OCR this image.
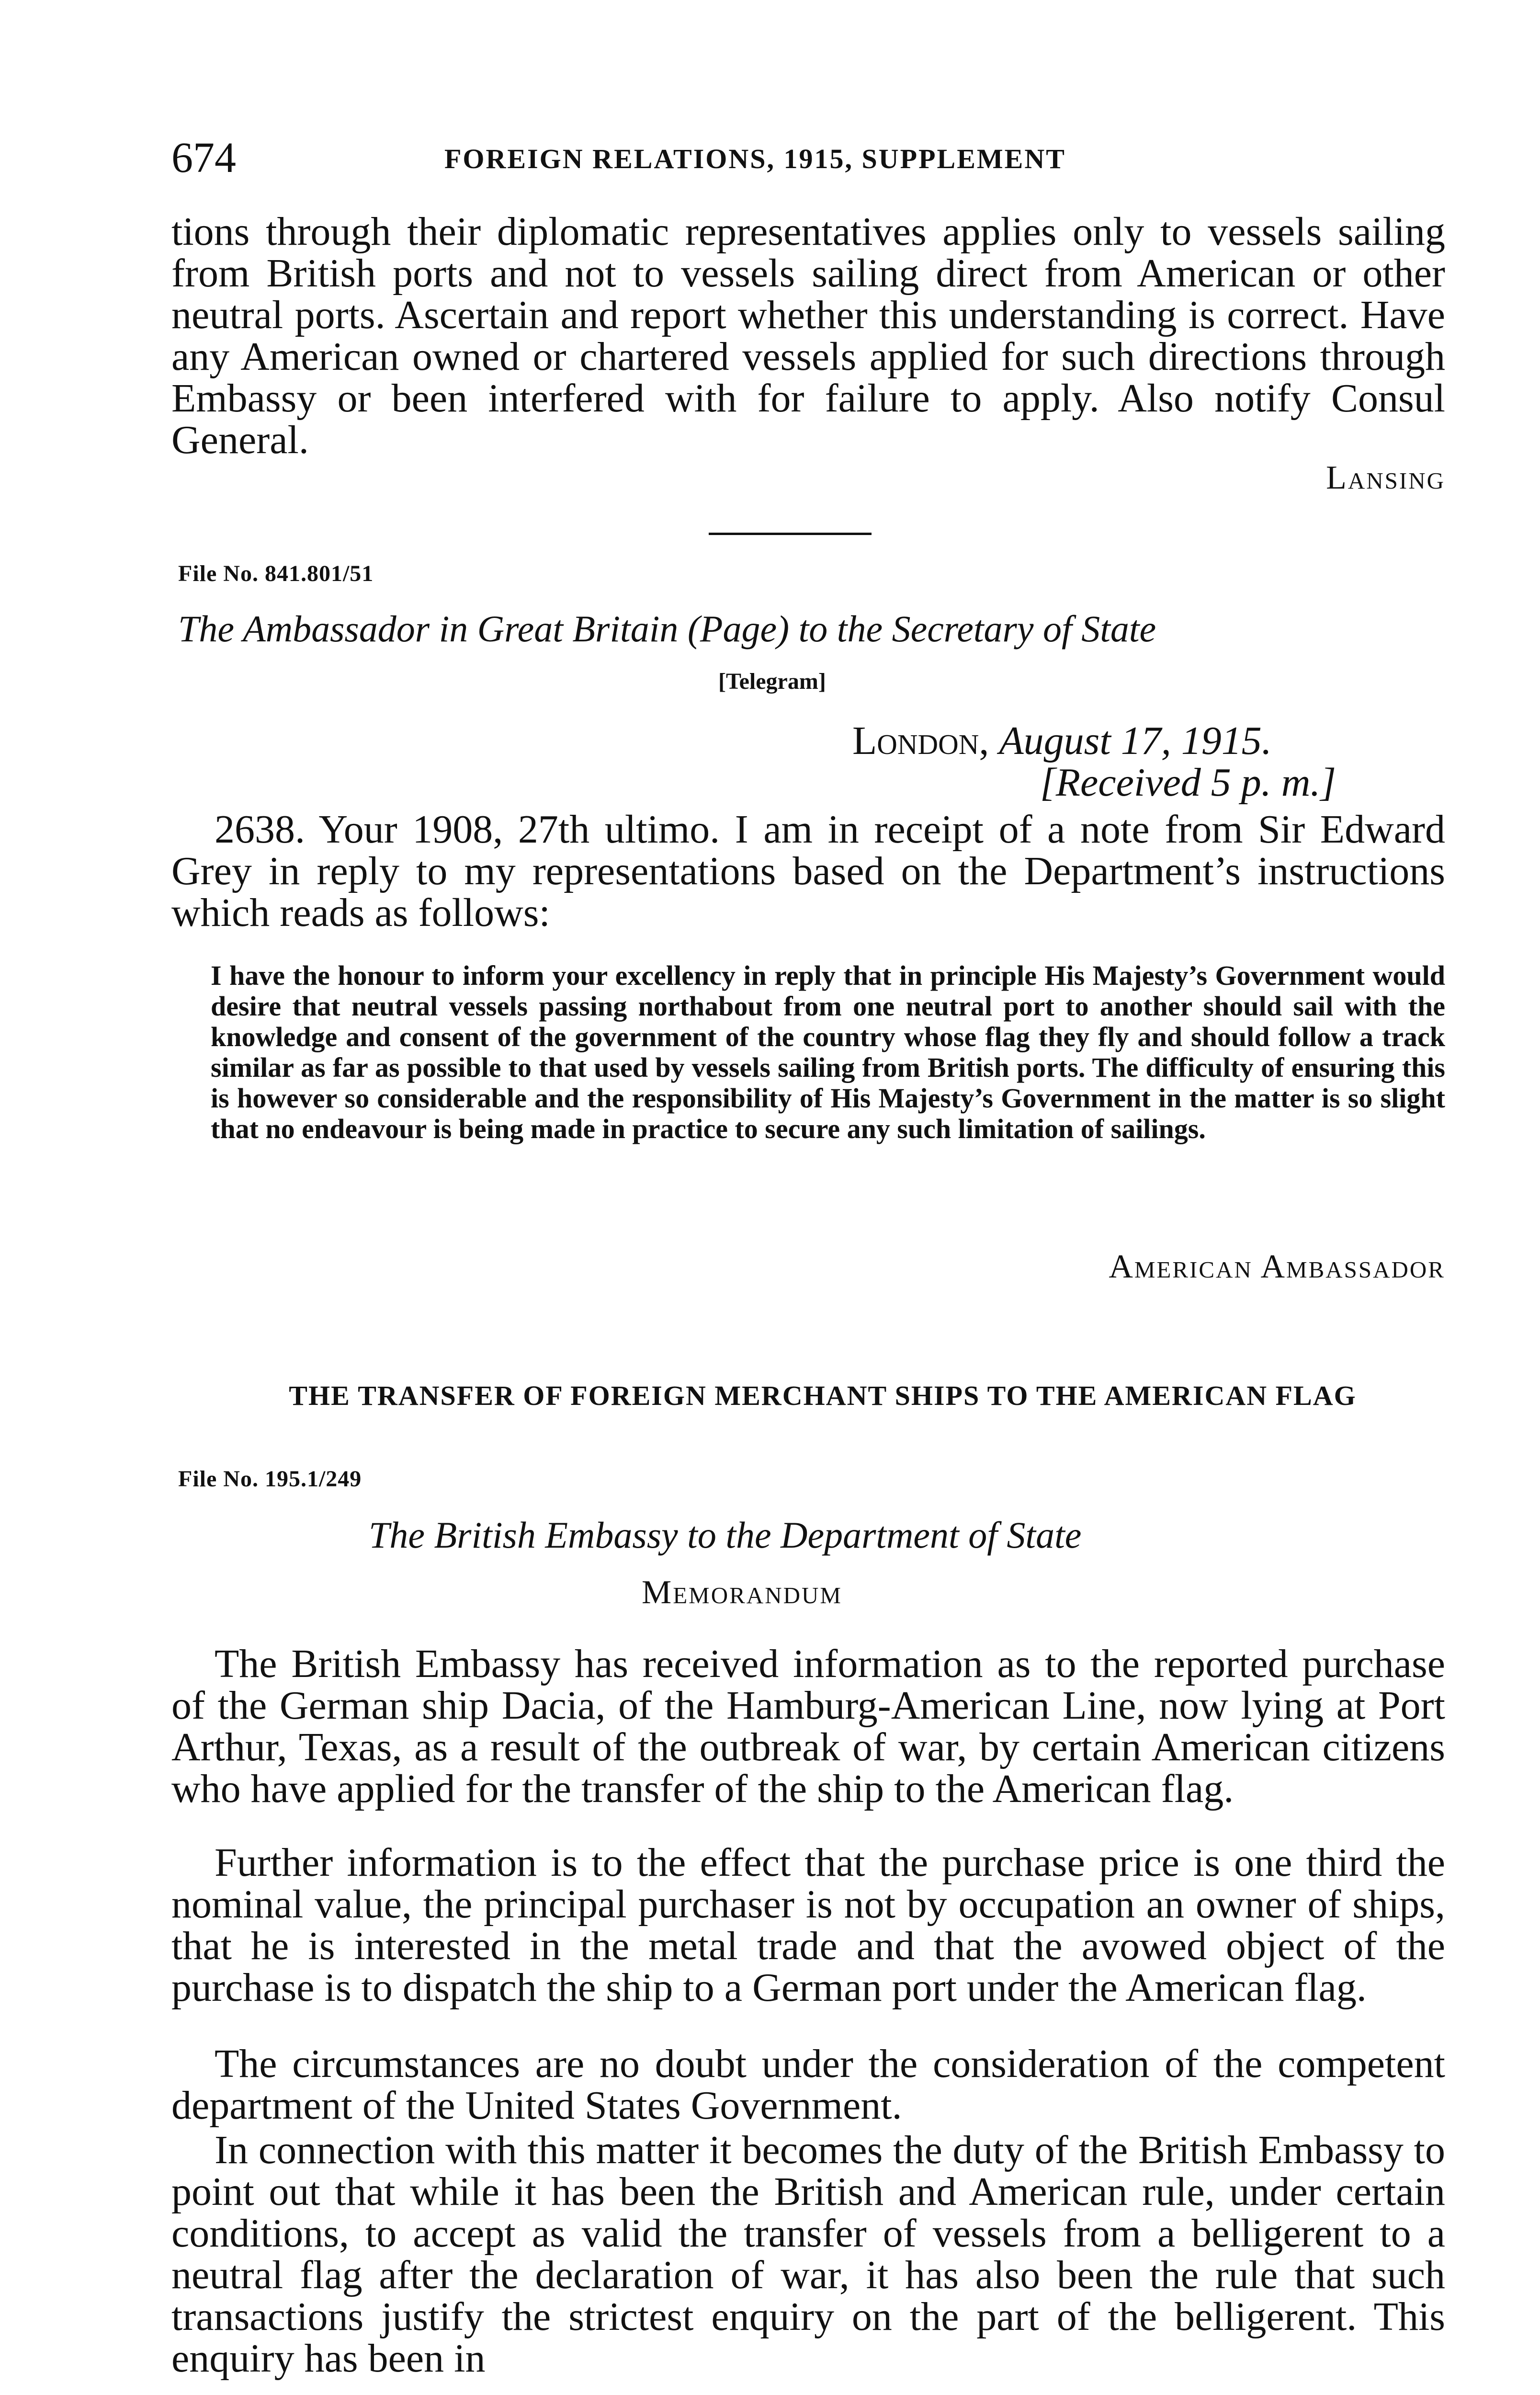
674	FOREIGN RELATIONS, 1915, SUPPLEMENT

tions through their diplomatic representatives applies only to vessels sailing from British ports and not to vessels sailing direct from American or other neutral ports. Ascertain and report whether this understanding is correct. Have any American owned or chartered vessels applied for such directions through Embassy or been interfered with for failure to apply. Also notify Consul General.

Lansing
File No. 841.801/51
The Ambassador in Great Britain (Page) to the Secretary of State
[Telegram]
London, August 17, 1915.
[Received 5 p. m.]

2638. Your 1908, 27th ultimo. I am in receipt of a note from Sir Edward Grey in reply to my representations based on the Department’s instructions which reads as follows:

I have the honour to inform your excellency in reply that in principle His Majesty’s Government would desire that neutral vessels passing northabout from one neutral port to another should sail with the knowledge and consent of the government of the country whose flag they fly and should follow a track similar as far as possible to that used by vessels sailing from British ports. The difficulty of ensuring this is however so considerable and the responsibility of His Majesty’s Government in the matter is so slight that no endeavour is being made in practice to secure any such limitation of sailings.

American Ambassador
THE TRANSFER OF FOREIGN MERCHANT SHIPS TO THE AMERICAN FLAG
File No. 195.1/249
The British Embassy to the Department of State
Memorandum

The British Embassy has received information as to the reported purchase of the German ship Dacia, of the Hamburg-American Line, now lying at Port Arthur, Texas, as a result of the outbreak of war, by certain American citizens who have applied for the transfer of the ship to the American flag.

Further information is to the effect that the purchase price is one third the nominal value, the principal purchaser is not by occupation an owner of ships, that he is interested in the metal trade and that the avowed object of the purchase is to dispatch the ship to a German port under the American flag.

The circumstances are no doubt under the consideration of the competent department of the United States Government.

In connection with this matter it becomes the duty of the British Embassy to point out that while it has been the British and American rule, under certain conditions, to accept as valid the transfer of vessels from a belligerent to a neutral flag after the declaration of war, it has also been the rule that such transactions justify the strictest enquiry on the part of the belligerent. This enquiry has been in
